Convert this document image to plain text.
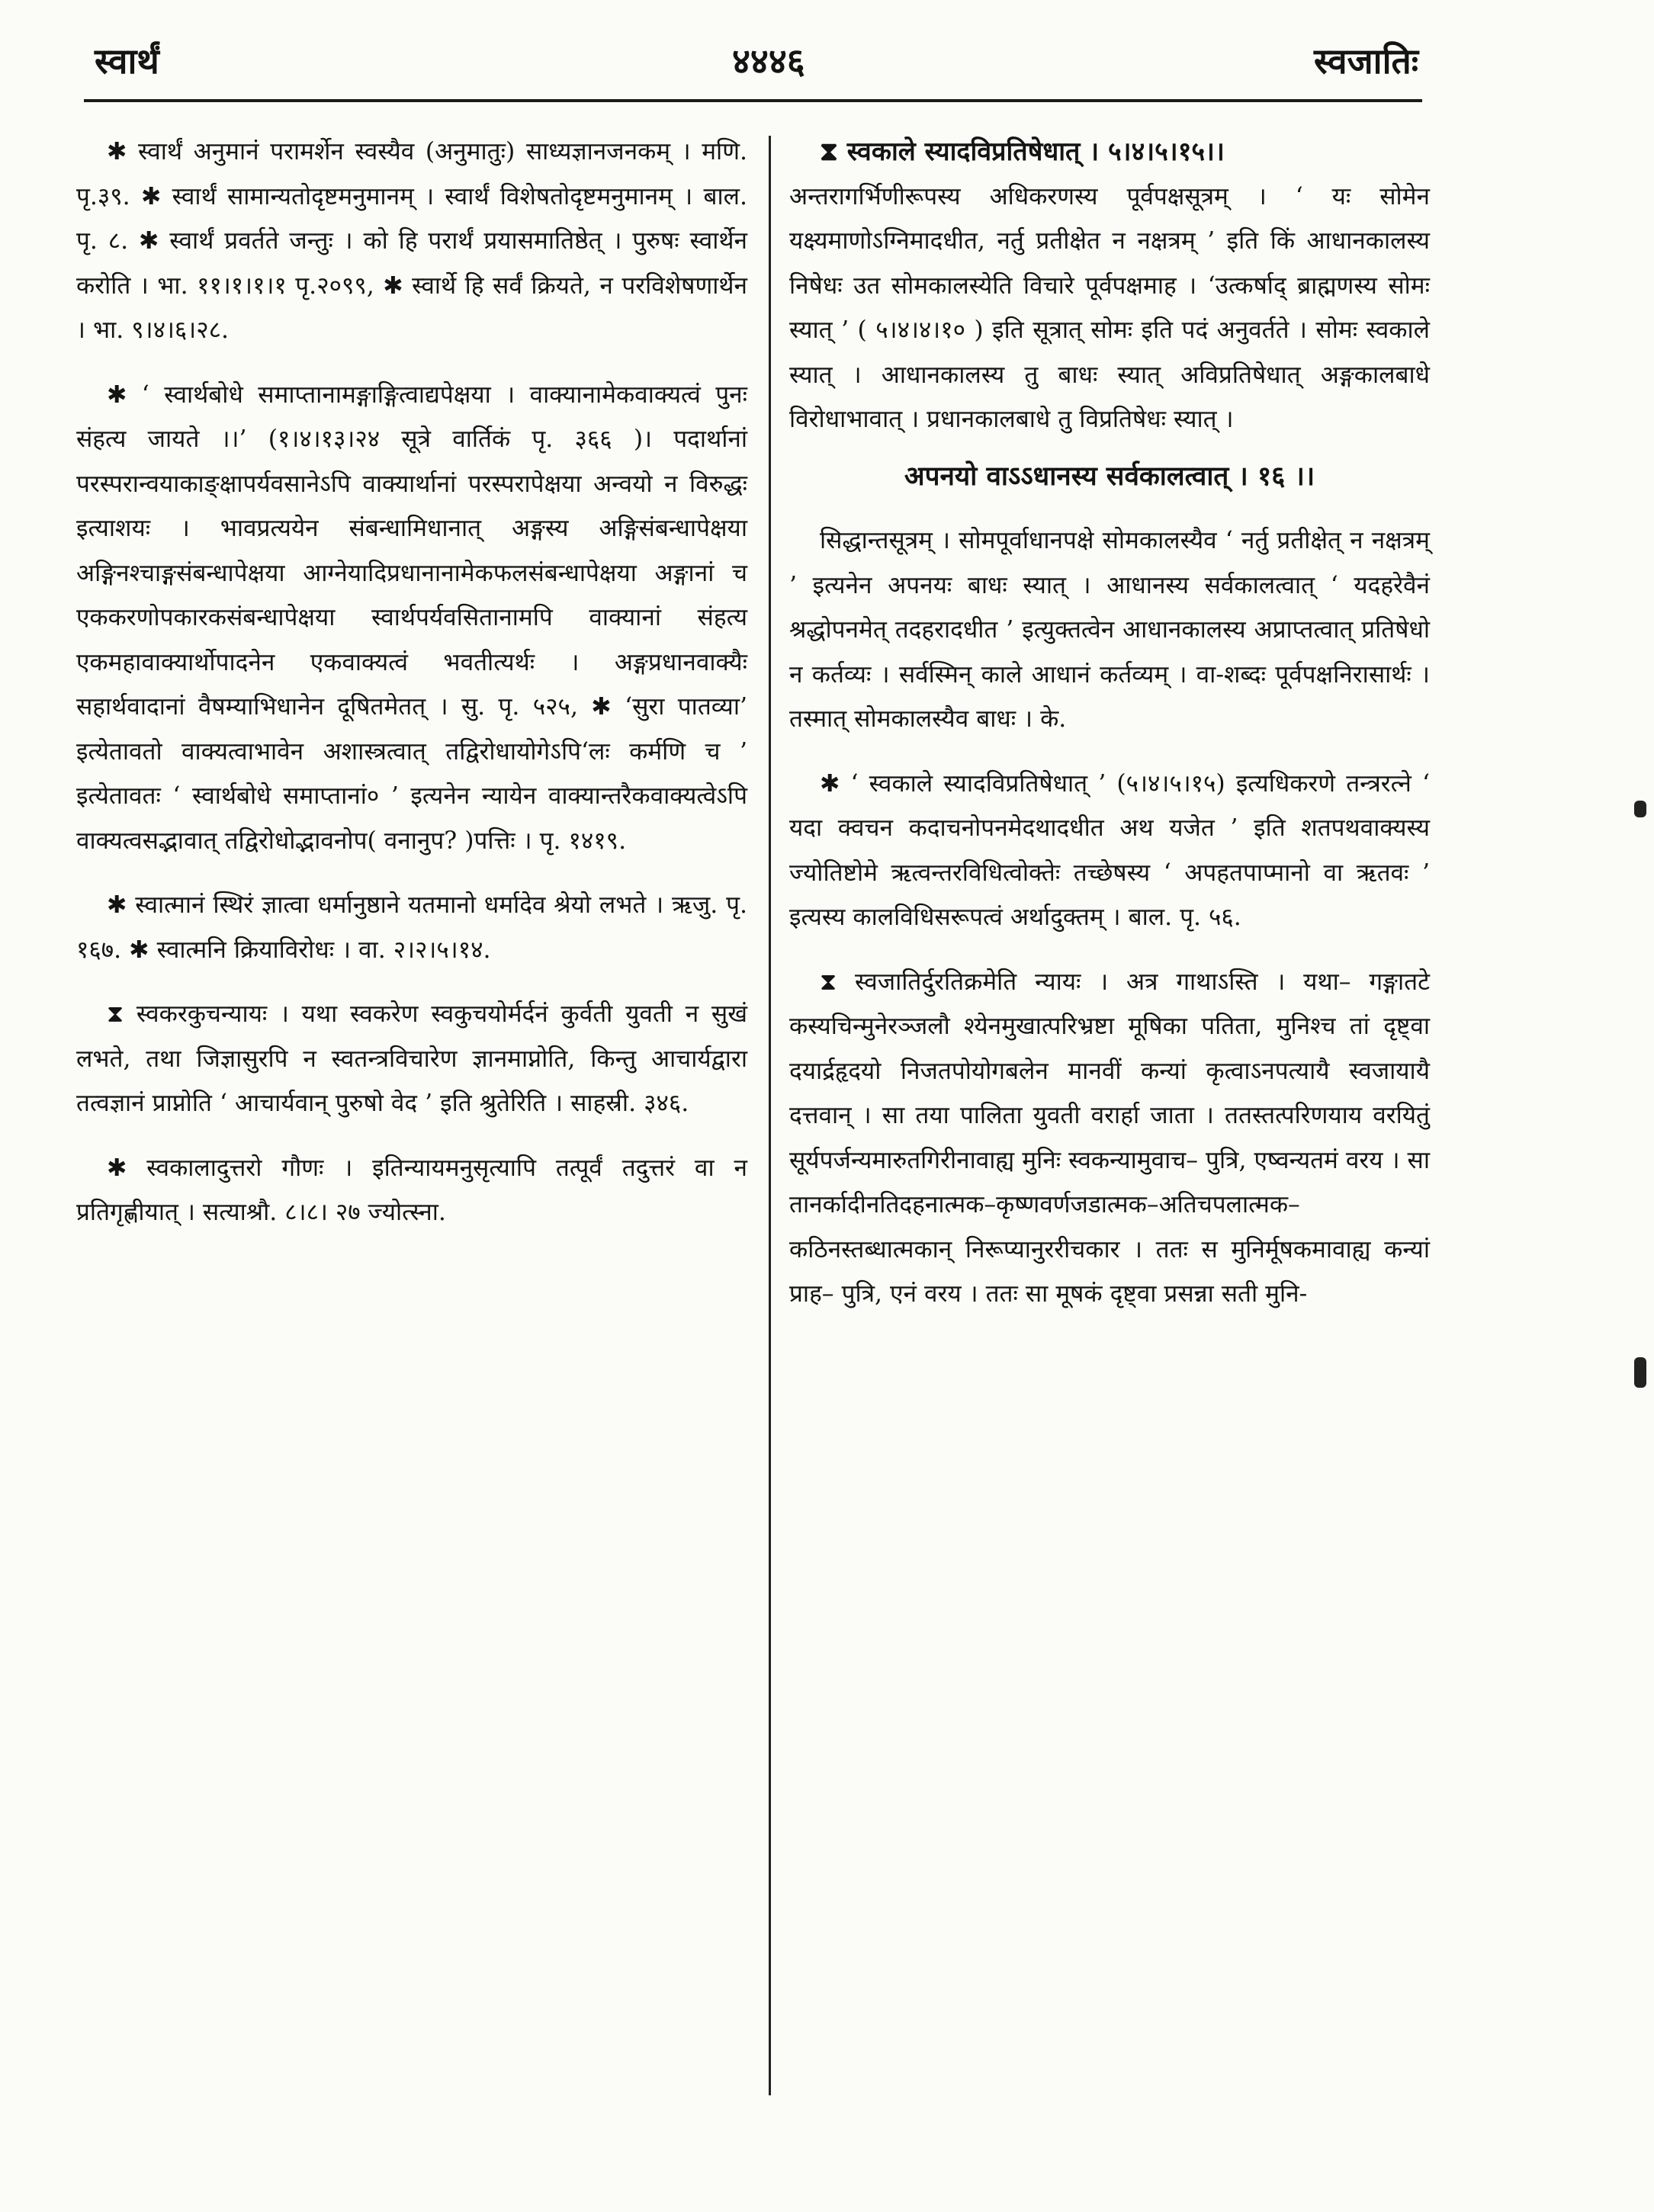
स्वार्थं	४४४६	स्वजातिः

✱ स्वार्थं अनुमानं परामर्शेन स्वस्यैव (अनुमातुः) साध्यज्ञानजनकम् । मणि. पृ.३९. ✱ स्वार्थं सामान्यतोदृष्टमनुमानम् । स्वार्थं विशेषतोदृष्टमनुमानम् । बाल. पृ. ८. ✱ स्वार्थं प्रवर्तते जन्तुः । को हि परार्थं प्रयासमातिष्ठेत् । पुरुषः स्वार्थेन करोति । भा. ११।१।१।१ पृ.२०९९, ✱ स्वार्थे हि सर्वं क्रियते, न परविशेषणार्थेन । भा. ९।४।६।२८.

✱ ‘ स्वार्थबोधे समाप्तानामङ्गाङ्गित्वाद्यपेक्षया । वाक्यानामेकवाक्यत्वं पुनः संहत्य जायते ।।’ (१।४।१३।२४ सूत्रे वार्तिकं पृ. ३६६ )। पदार्थानां परस्परान्वयाकाङ्क्षापर्यवसानेऽपि वाक्यार्थानां परस्परापेक्षया अन्वयो न विरुद्धः इत्याशयः । भावप्रत्ययेन संबन्धामिधानात् अङ्गस्य अङ्गिसंबन्धापेक्षया अङ्गिनश्चाङ्गसंबन्धापेक्षया आग्नेयादिप्रधानानामेकफलसंबन्धापेक्षया अङ्गानां च एककरणोपकारकसंबन्धापेक्षया स्वार्थपर्यवसितानामपि वाक्यानां संहत्य एकमहावाक्यार्थोपादनेन एकवाक्यत्वं भवतीत्यर्थः । अङ्गप्रधानवाक्यैः सहार्थवादानां वैषम्याभिधानेन दूषितमेतत् । सु. पृ. ५२५, ✱ ‘सुरा पातव्या’ इत्येतावतो वाक्यत्वाभावेन अशास्त्रत्वात् तद्विरोधायोगेऽपि‘लः कर्मणि च ’ इत्येतावतः ‘ स्वार्थबोधे समाप्तानां० ’ इत्यनेन न्यायेन वाक्यान्तरैकवाक्यत्वेऽपि वाक्यत्वसद्भावात् तद्विरोधोद्भावनोप( वनानुप? )पत्तिः । पृ. १४१९.

✱ स्वात्मानं स्थिरं ज्ञात्वा धर्मानुष्ठाने यतमानो धर्मादेव श्रेयो लभते । ऋजु. पृ. १६७. ✱ स्वात्मनि क्रियाविरोधः । वा. २।२।५।१४.

⧗ स्वकरकुचन्यायः । यथा स्वकरेण स्वकुचयोर्मर्दनं कुर्वती युवती न सुखं लभते, तथा जिज्ञासुरपि न स्वतन्त्रविचारेण ज्ञानमाप्नोति, किन्तु आचार्यद्वारा तत्वज्ञानं प्राप्नोति ‘ आचार्यवान् पुरुषो वेद ’ इति श्रुतेरिति । साहस्री. ३४६.

✱ स्वकालादुत्तरो गौणः । इतिन्यायमनुसृत्यापि तत्पूर्वं तदुत्तरं वा न प्रतिगृह्णीयात् । सत्याश्रौ. ८।८। २७ ज्योत्स्ना.

⧗ स्वकाले स्यादविप्रतिषेधात् । ५।४।५।१५।।

अन्तरागर्भिणीरूपस्य अधिकरणस्य पूर्वपक्षसूत्रम् । ‘ यः सोमेन यक्ष्यमाणोऽग्निमादधीत, नर्तु प्रतीक्षेत न नक्षत्रम् ’ इति किं आधानकालस्य निषेधः उत सोमकालस्येति विचारे पूर्वपक्षमाह । ‘उत्कर्षाद् ब्राह्मणस्य सोमः स्यात् ’ ( ५।४।४।१० ) इति सूत्रात् सोमः इति पदं अनुवर्तते । सोमः स्वकाले स्यात् । आधानकालस्य तु बाधः स्यात् अविप्रतिषेधात् अङ्गकालबाधे विरोधाभावात् । प्रधानकालबाधे तु विप्रतिषेधः स्यात् ।

अपनयो वाऽऽधानस्य सर्वकालत्वात् । १६ ।।

सिद्धान्तसूत्रम् । सोमपूर्वाधानपक्षे सोमकालस्यैव ‘ नर्तु प्रतीक्षेत् न नक्षत्रम् ’ इत्यनेन अपनयः बाधः स्यात् । आधानस्य सर्वकालत्वात् ‘ यदहरेवैनं श्रद्धोपनमेत् तदहरादधीत ’ इत्युक्तत्वेन आधानकालस्य अप्राप्तत्वात् प्रतिषेधो न कर्तव्यः । सर्वस्मिन् काले आधानं कर्तव्यम् । वा-शब्दः पूर्वपक्षनिरासार्थः । तस्मात् सोमकालस्यैव बाधः । के.

✱ ‘ स्वकाले स्यादविप्रतिषेधात् ’ (५।४।५।१५) इत्यधिकरणे तन्त्ररत्ने ‘ यदा क्वचन कदाचनोपनमेदथादधीत अथ यजेत ’ इति शतपथवाक्यस्य ज्योतिष्टोमे ऋत्वन्तरविधित्वोक्तेः तच्छेषस्य ‘ अपहतपाप्मानो वा ऋतवः ’ इत्यस्य कालविधिसरूपत्वं अर्थादुक्तम् । बाल. पृ. ५६.

⧗ स्वजातिर्दुरतिक्रमेति न्यायः । अत्र गाथाऽस्ति । यथा– गङ्गातटे कस्यचिन्मुनेरञ्जलौ श्येनमुखात्परिभ्रष्टा मूषिका पतिता, मुनिश्च तां दृष्ट्वा दयार्द्रहृदयो निजतपोयोगबलेन मानवीं कन्यां कृत्वाऽनपत्यायै स्वजायायै दत्तवान् । सा तया पालिता युवती वरार्हा जाता । ततस्तत्परिणयाय वरयितुं सूर्यपर्जन्यमारुतगिरीनावाह्य मुनिः स्वकन्यामुवाच– पुत्रि, एष्वन्यतमं वरय । सा तानर्कादीनतिदहनात्मक–कृष्णवर्णजडात्मक–अतिचपलात्मक–कठिनस्तब्धात्मकान् निरूप्यानुररीचकार । ततः स मुनिर्मूषकमावाह्य कन्यां प्राह– पुत्रि, एनं वरय । ततः सा मूषकं दृष्ट्वा प्रसन्ना सती मुनि-
